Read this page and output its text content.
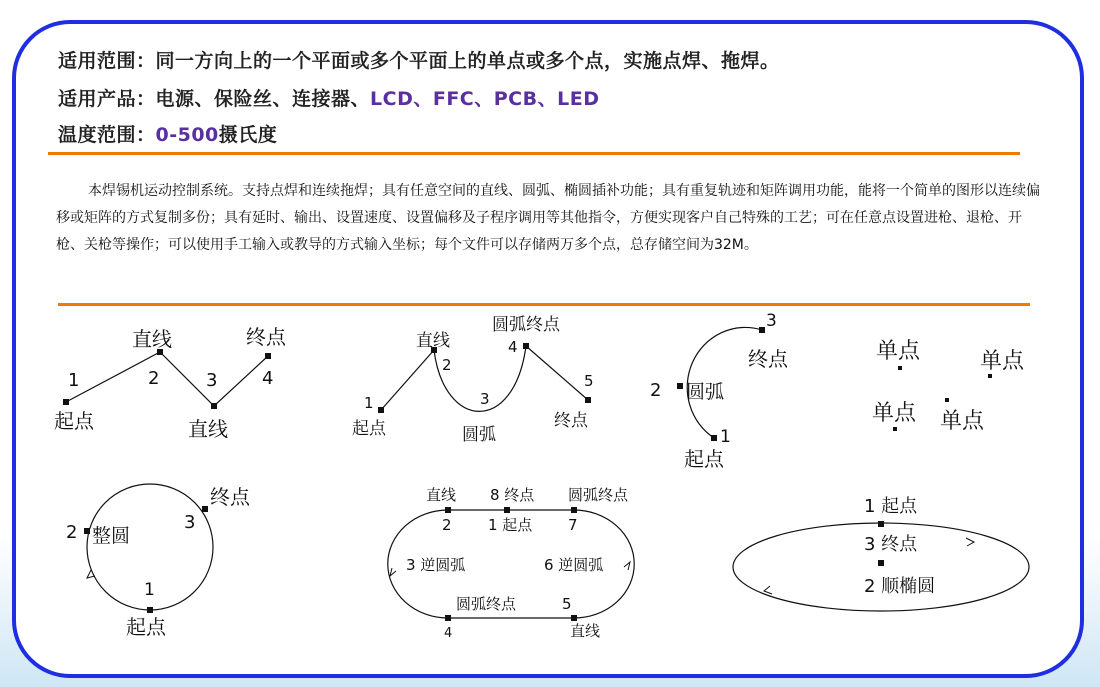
适用范围：同一方向上的一个平面或多个平面上的单点或多个点，实施点焊、拖焊。
适用产品：电源、保险丝、连接器、LCD、FFC、PCB、LED
温度范围：0-500摄氏度
本焊锡机运动控制系统。支持点焊和连续拖焊；具有任意空间的直线、圆弧、椭圆插补功能；具有重复轨迹和矩阵调用功能，能将一个简单的图形以连续偏移或矩阵的方式复制多份；具有延时、输出、设置速度、设置偏移及子程序调用等其他指令，方便实现客户自己特殊的工艺；可在任意点设置进枪、退枪、开枪、关枪等操作；可以使用手工输入或教导的方式输入坐标；每个文件可以存储两万多个点，总存储空间为32M。
1	2	3 4
起点
直线	终点
直线
1
2
3
4
5
起点
直线
圆弧终点
圆弧
终点
3
终点
2 圆弧
1
起点
单点	单点
单点 单点
2 整圆
3
终点
1
起点
直线 8 终点 圆弧终点
2 1 起点 7
3 逆圆弧	6 逆圆弧
圆弧终点	5
4	直线
1 起点
3 终点
2 顺椭圆
